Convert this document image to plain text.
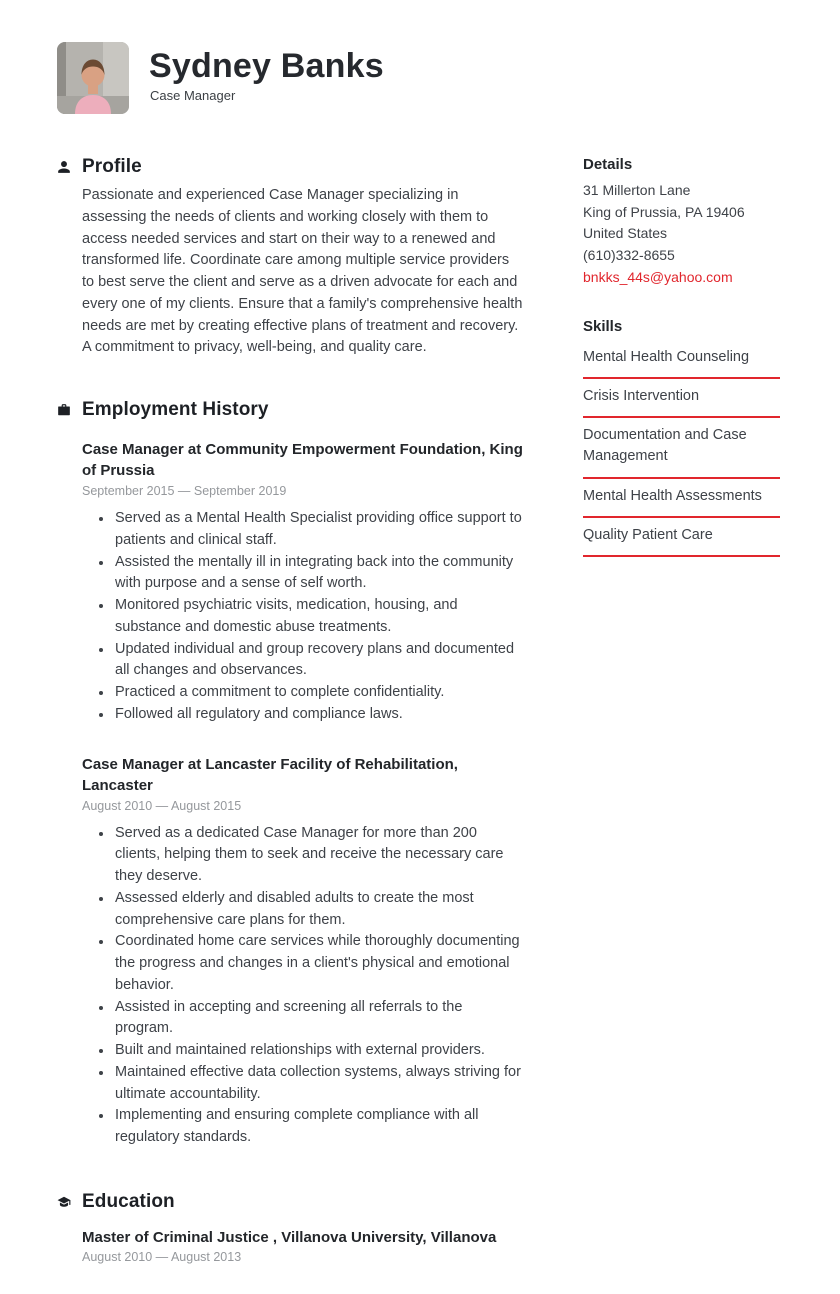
Sydney Banks
Case Manager
Profile

Passionate and experienced Case Manager specializing in assessing the needs of clients and working closely with them to access needed services and start on their way to a renewed and transformed life. Coordinate care among multiple service providers to best serve the client and serve as a driven advocate for each and every one of my clients. Ensure that a family's comprehensive health needs are met by creating effective plans of treatment and recovery. A commitment to privacy, well-being, and quality care.

Employment History
Case Manager at Community Empowerment Foundation, King of Prussia
September 2015 — September 2019
• Served as a Mental Health Specialist providing office support to patients and clinical staff.
• Assisted the mentally ill in integrating back into the community with purpose and a sense of self worth.
• Monitored psychiatric visits, medication, housing, and substance and domestic abuse treatments.
• Updated individual and group recovery plans and documented all changes and observances.
• Practiced a commitment to complete confidentiality.
• Followed all regulatory and compliance laws.
Case Manager at Lancaster Facility of Rehabilitation, Lancaster
August 2010 — August 2015
• Served as a dedicated Case Manager for more than 200 clients, helping them to seek and receive the necessary care they deserve.
• Assessed elderly and disabled adults to create the most comprehensive care plans for them.
• Coordinated home care services while thoroughly documenting the progress and changes in a client's physical and emotional behavior.
• Assisted in accepting and screening all referrals to the program.
• Built and maintained relationships with external providers.
• Maintained effective data collection systems, always striving for ultimate accountability.
• Implementing and ensuring complete compliance with all regulatory standards.
Education
Master of Criminal Justice , Villanova University, Villanova
August 2010 — August 2013
Details
31 Millerton Lane
King of Prussia, PA 19406
United States
(610)332-8655
bnkks_44s@yahoo.com
Skills
Mental Health Counseling
Crisis Intervention
Documentation and Case Management
Mental Health Assessments
Quality Patient Care
